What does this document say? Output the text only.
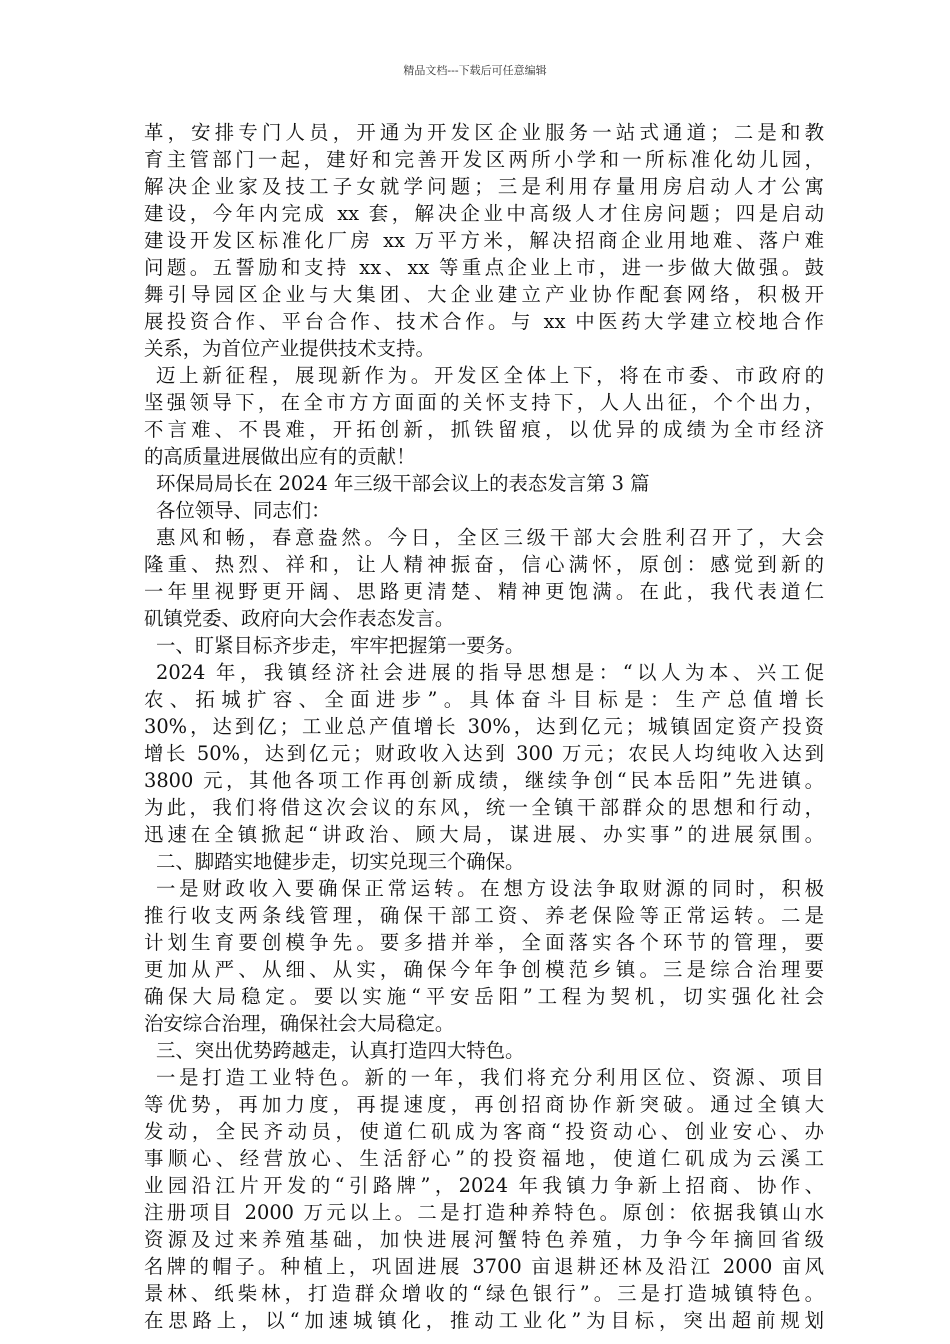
精品文档---下载后可任意编辑
革，安排专门人员，开通为开发区企业服务一站式通道；二是和教
育主管部门一起，建好和完善开发区两所小学和一所标准化幼儿园，
解决企业家及技工子女就学问题；三是利用存量用房启动人才公寓
建设，今年内完成 xx 套，解决企业中高级人才住房问题；四是启动
建设开发区标准化厂房 xx 万平方米，解决招商企业用地难、落户难
问题。五誓励和支持 xx、xx 等重点企业上市，进一步做大做强。鼓
舞引导园区企业与大集团、大企业建立产业协作配套网络，积极开
展投资合作、平台合作、技术合作。与 xx 中医药大学建立校地合作
关系，为首位产业提供技术支持。
迈上新征程，展现新作为。开发区全体上下，将在市委、市政府的
坚强领导下，在全市方方面面的关怀支持下，人人出征，个个出力，
不言难、不畏难，开拓创新，抓铁留痕，以优异的成绩为全市经济
的高质量进展做出应有的贡献！
环保局局长在 2024 年三级干部会议上的表态发言第 3 篇
各位领导、同志们：
惠风和畅，春意盎然。今日，全区三级干部大会胜利召开了，大会
隆重、热烈、祥和，让人精神振奋，信心满怀，原创：感觉到新的
一年里视野更开阔、思路更清楚、精神更饱满。在此，我代表道仁
矶镇党委、政府向大会作表态发言。
一、盯紧目标齐步走，牢牢把握第一要务。
2024 年，我镇经济社会进展的指导思想是：“以人为本、兴工促
农、拓城扩容、全面进步”。具体奋斗目标是：生产总值增长
30%，达到亿；工业总产值增长 30%，达到亿元；城镇固定资产投资
增长 50%，达到亿元；财政收入达到 300 万元；农民人均纯收入达到
3800 元，其他各项工作再创新成绩，继续争创“民本岳阳”先进镇。
为此，我们将借这次会议的东风，统一全镇干部群众的思想和行动，
迅速在全镇掀起“讲政治、顾大局，谋进展、办实事”的进展氛围。
二、脚踏实地健步走，切实兑现三个确保。
一是财政收入要确保正常运转。在想方设法争取财源的同时，积极
推行收支两条线管理，确保干部工资、养老保险等正常运转。二是
计划生育要创模争先。要多措并举，全面落实各个环节的管理，要
更加从严、从细、从实，确保今年争创模范乡镇。三是综合治理要
确保大局稳定。要以实施“平安岳阳”工程为契机，切实强化社会
治安综合治理，确保社会大局稳定。
三、突出优势跨越走，认真打造四大特色。
一是打造工业特色。新的一年，我们将充分利用区位、资源、项目
等优势，再加力度，再提速度，再创招商协作新突破。通过全镇大
发动，全民齐动员，使道仁矶成为客商“投资动心、创业安心、办
事顺心、经营放心、生活舒心”的投资福地，使道仁矶成为云溪工
业园沿江片开发的“引路牌”，2024 年我镇力争新上招商、协作、
注册项目 2000 万元以上。二是打造种养特色。原创：依据我镇山水
资源及过来养殖基础，加快进展河蟹特色养殖，力争今年摘回省级
名牌的帽子。种植上，巩固进展 3700 亩退耕还林及沿江 2000 亩风
景林、纸柴林，打造群众增收的“绿色银行”。三是打造城镇特色。
在思路上，以“加速城镇化，推动工业化”为目标，突出超前规划
